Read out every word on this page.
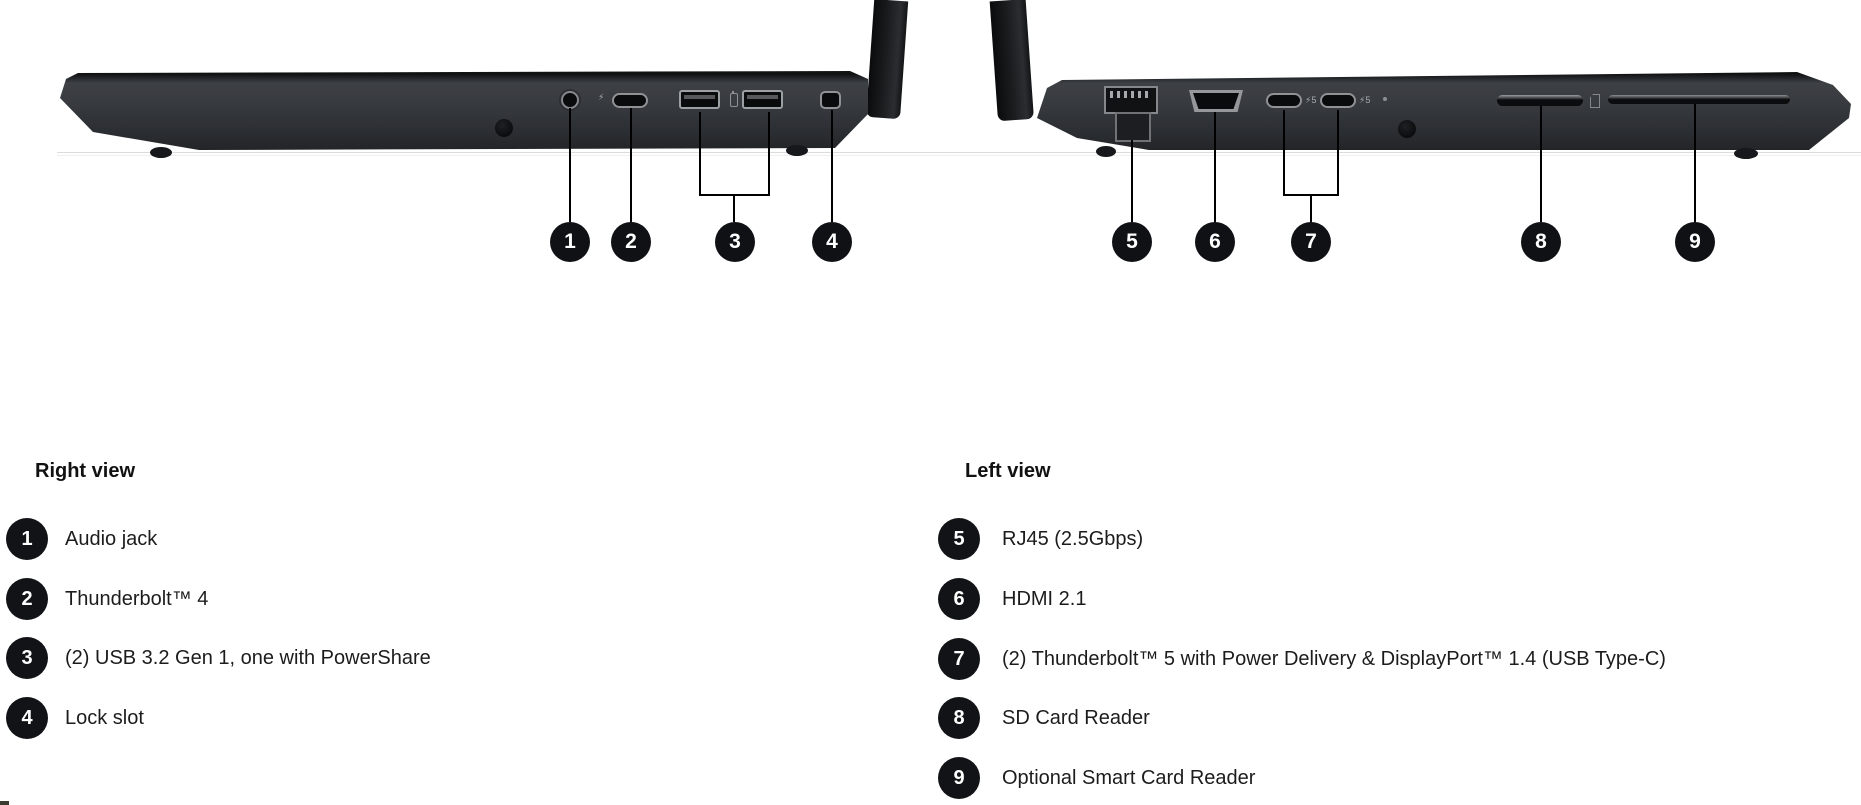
⚡	⚡5	⚡5
1	2	3	4	5	6	7	8	9
Right view
1	Audio jack
2	Thunderbolt™ 4
3	(2) USB 3.2 Gen 1, one with PowerShare
4	Lock slot
Left view
5	RJ45 (2.5Gbps)
6	HDMI 2.1
7	(2) Thunderbolt™ 5 with Power Delivery & DisplayPort™ 1.4 (USB Type-C)
8	SD Card Reader
9	Optional Smart Card Reader
